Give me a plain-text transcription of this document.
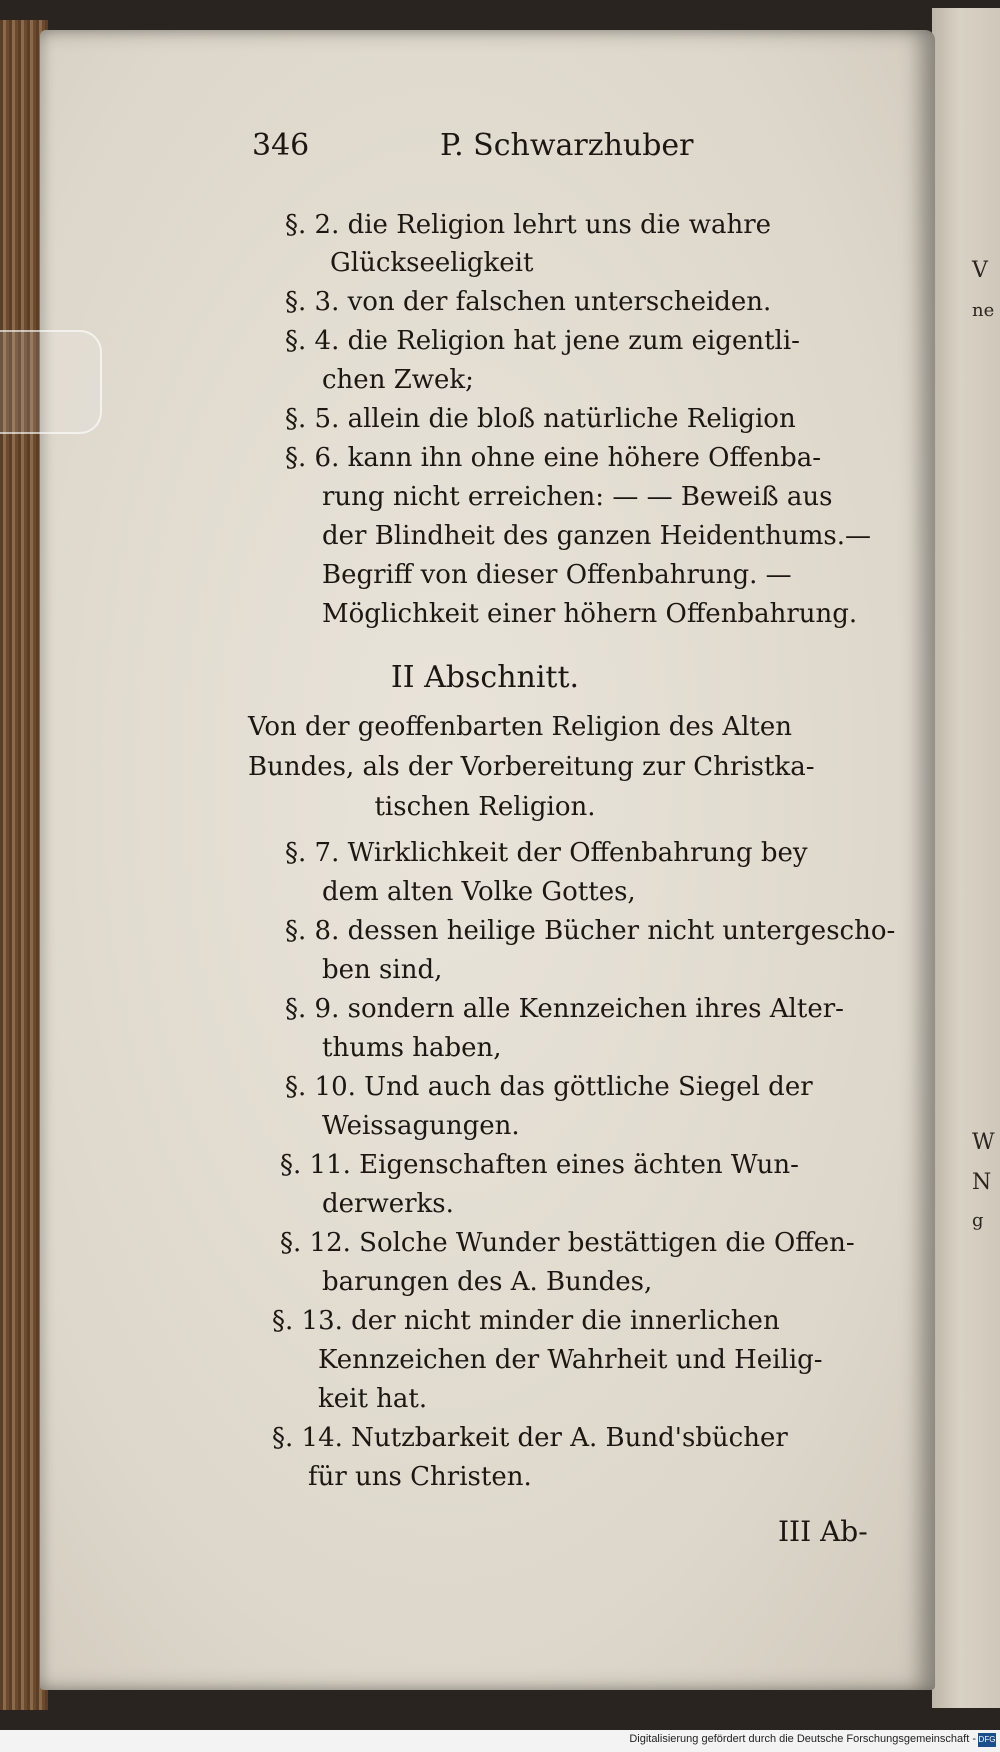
V
ne
W
N
g
346	P. Schwarzhuber
§. 2. die Religion lehrt uns die wahre
Glückseeligkeit
§. 3. von der falschen unterscheiden.
§. 4. die Religion hat jene zum eigentli-
chen Zwek;
§. 5. allein die bloß natürliche Religion
§. 6. kann ihn ohne eine höhere Offenba-
rung nicht erreichen: — — Beweiß aus
der Blindheit des ganzen Heidenthums.—
Begriff von dieser Offenbahrung. —
Möglichkeit einer höhern Offenbahrung.
II Abschnitt.
Von der geoffenbarten Religion des Alten
Bundes, als der Vorbereitung zur Christka-
tischen Religion.
§. 7. Wirklichkeit der Offenbahrung bey
dem alten Volke Gottes,
§. 8. dessen heilige Bücher nicht untergescho-
ben sind,
§. 9. sondern alle Kennzeichen ihres Alter-
thums haben,
§. 10. Und auch das göttliche Siegel der
Weissagungen.
§. 11. Eigenschaften eines ächten Wun-
derwerks.
§. 12. Solche Wunder bestättigen die Offen-
barungen des A. Bundes,
§. 13. der nicht minder die innerlichen
Kennzeichen der Wahrheit und Heilig-
keit hat.
§. 14. Nutzbarkeit der A. Bund'sbücher
für uns Christen.
III Ab-
Digitalisierung gefördert durch die Deutsche Forschungsgemeinschaft - DFG
